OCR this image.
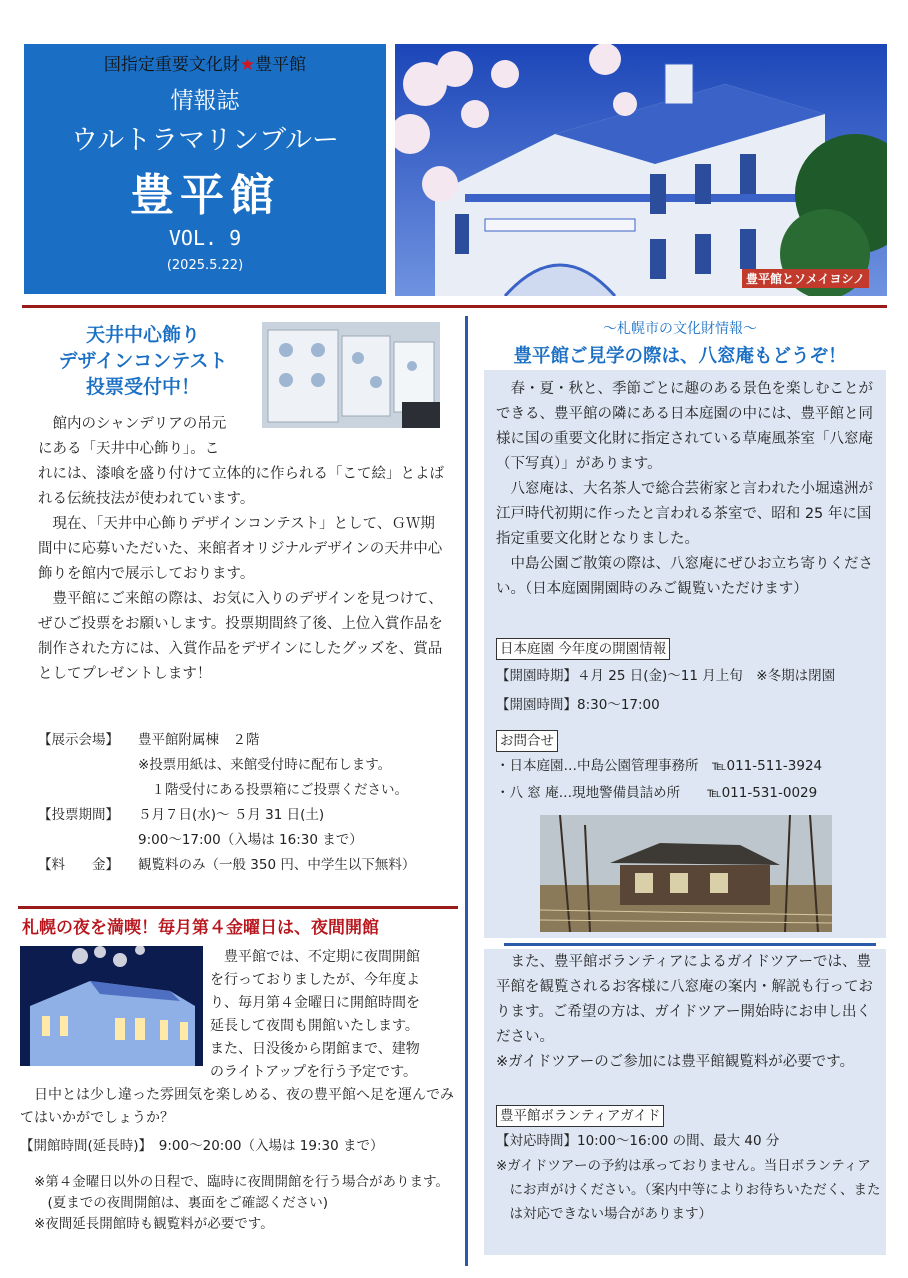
国指定重要文化財★豊平館
情報誌
ウルトラマリンブルー
豊平館
VOL. 9
(2025.5.22)
豊平館とソメイヨシノ
天井中心飾り
デザインコンテスト
投票受付中！

館内のシャンデリアの吊元

にある「天井中心飾り」。こ

れには、漆喰を盛り付けて立体的に作られる「こて絵」とよばれる伝統技法が使われています。

現在、「天井中心飾りデザインコンテスト」として、ＧＷ期間中に応募いただいた、来館者オリジナルデザインの天井中心飾りを館内で展示しております。

豊平館にご来館の際は、お気に入りのデザインを見つけて、ぜひご投票をお願いします。投票期間終了後、上位入賞作品を制作された方には、入賞作品をデザインにしたグッズを、賞品としてプレゼントします！

【展示会場】 豊平館附属棟　２階
※投票用紙は、来館受付時に配布します。
　１階受付にある投票箱にご投票ください。
【投票期間】 ５月７日(水)～ ５月 31 日(土)
9:00～17:00（入場は 16:30 まで）
【料　　金】 観覧料のみ（一般 350 円、中学生以下無料）
札幌の夜を満喫！毎月第４金曜日は、夜間開館

豊平館では、不定期に夜間開館

を行っておりましたが、今年度よ

り、毎月第４金曜日に開館時間を

延長して夜間も開館いたします。

また、日没後から閉館まで、建物

のライトアップを行う予定です。

日中とは少し違った雰囲気を楽しめる、夜の豊平館へ足を運んでみてはいかがでしょうか？

【開館時間(延長時)】　 9:00～20:00（入場は 19:30 まで）

※第４金曜日以外の日程で、臨時に夜間開館を行う場合があります。(夏までの夜間開館は、裏面をご確認ください)

※夜間延長開館時も観覧料が必要です。

～札幌市の文化財情報～
豊平館ご見学の際は、八窓庵もどうぞ！

春・夏・秋と、季節ごとに趣のある景色を楽しむことができる、豊平館の隣にある日本庭園の中には、豊平館と同様に国の重要文化財に指定されている草庵風茶室「八窓庵（下写真）」があります。

八窓庵は、大名茶人で総合芸術家と言われた小堀遠洲が江戸時代初期に作ったと言われる茶室で、昭和 25 年に国指定重要文化財となりました。

中島公園ご散策の際は、八窓庵にぜひお立ち寄りください。（日本庭園開園時のみご観覧いただけます）

日本庭園 今年度の開園情報
【開園時期】４月 25 日(金)～11 月上旬　※冬期は閉園
【開園時間】8:30～17:00
お問合せ
・日本庭園…中島公園管理事務所　℡011-511-3924
・八 窓 庵…現地警備員詰め所　　℡011-531-0029

また、豊平館ボランティアによるガイドツアーでは、豊平館を観覧されるお客様に八窓庵の案内・解説も行っております。ご希望の方は、ガイドツアー開始時にお申し出ください。

※ガイドツアーのご参加には豊平館観覧料が必要です。

豊平館ボランティアガイド
【対応時間】10:00～16:00 の間、最大 40 分

※ガイドツアーの予約は承っておりません。当日ボランティアにお声がけください。（案内中等によりお待ちいただく、または対応できない場合があります）
